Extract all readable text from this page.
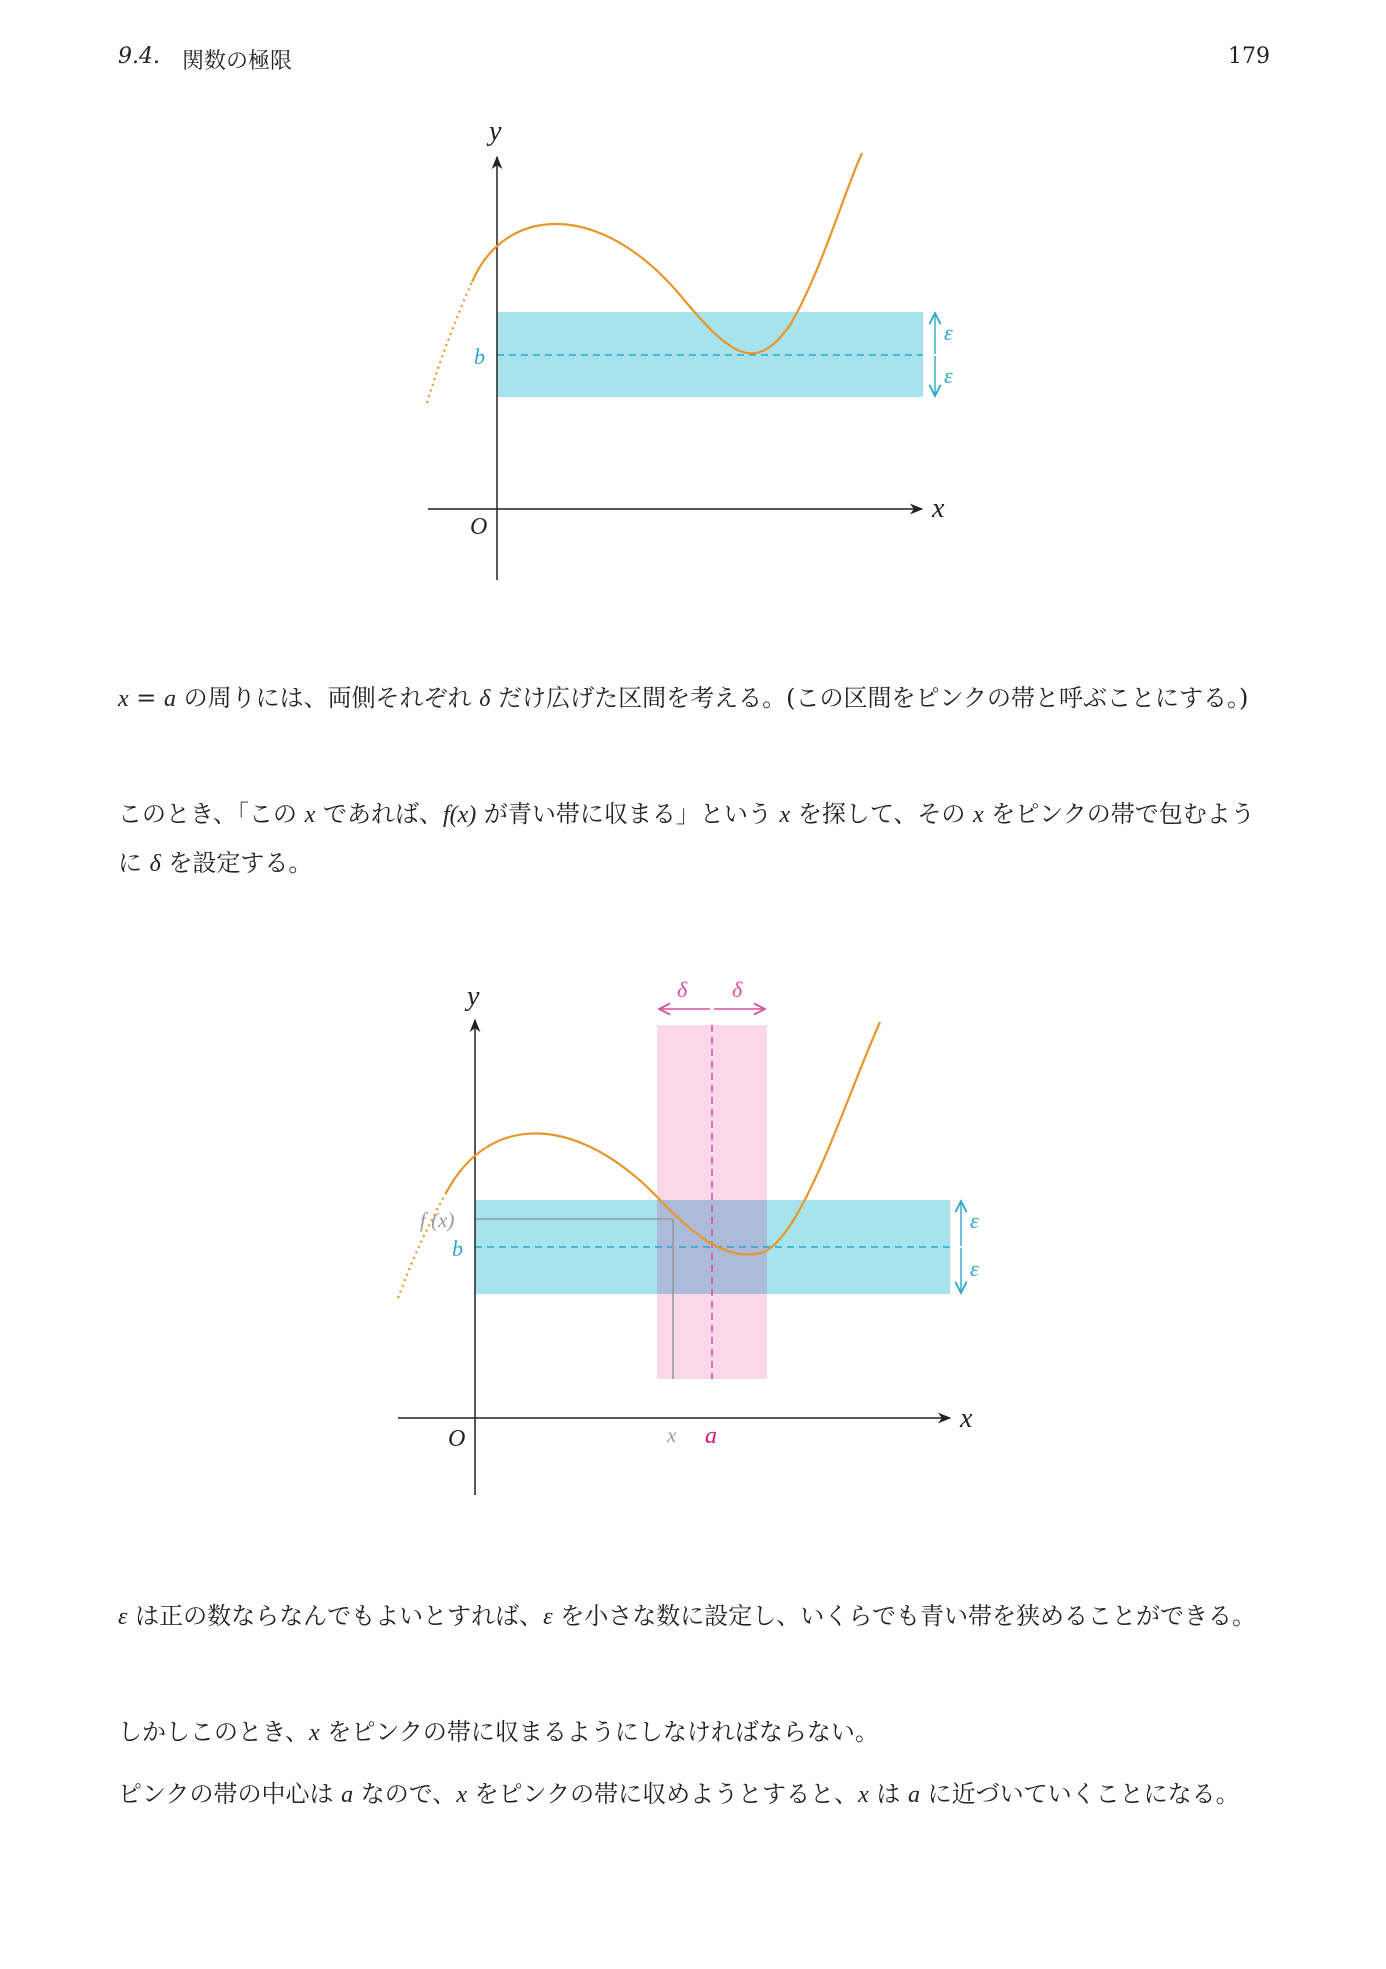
9.4. 関数の極限	179
y
x
O
b
ε
ε

x = a の周りには、両側それぞれ δ だけ広げた区間を考える。(この区間をピンクの帯と呼ぶことにする。)

このとき、「この x であれば、f(x) が青い帯に収まる」という x を探して、その x をピンクの帯で包むように δ を設定する。

y
x
O
b
f (x)
x a
δ δ
ε
ε

ε は正の数ならなんでもよいとすれば、ε を小さな数に設定し、いくらでも青い帯を狭めることができる。

しかしこのとき、x をピンクの帯に収まるようにしなければならない。

ピンクの帯の中心は a なので、x をピンクの帯に収めようとすると、x は a に近づいていくことになる。
